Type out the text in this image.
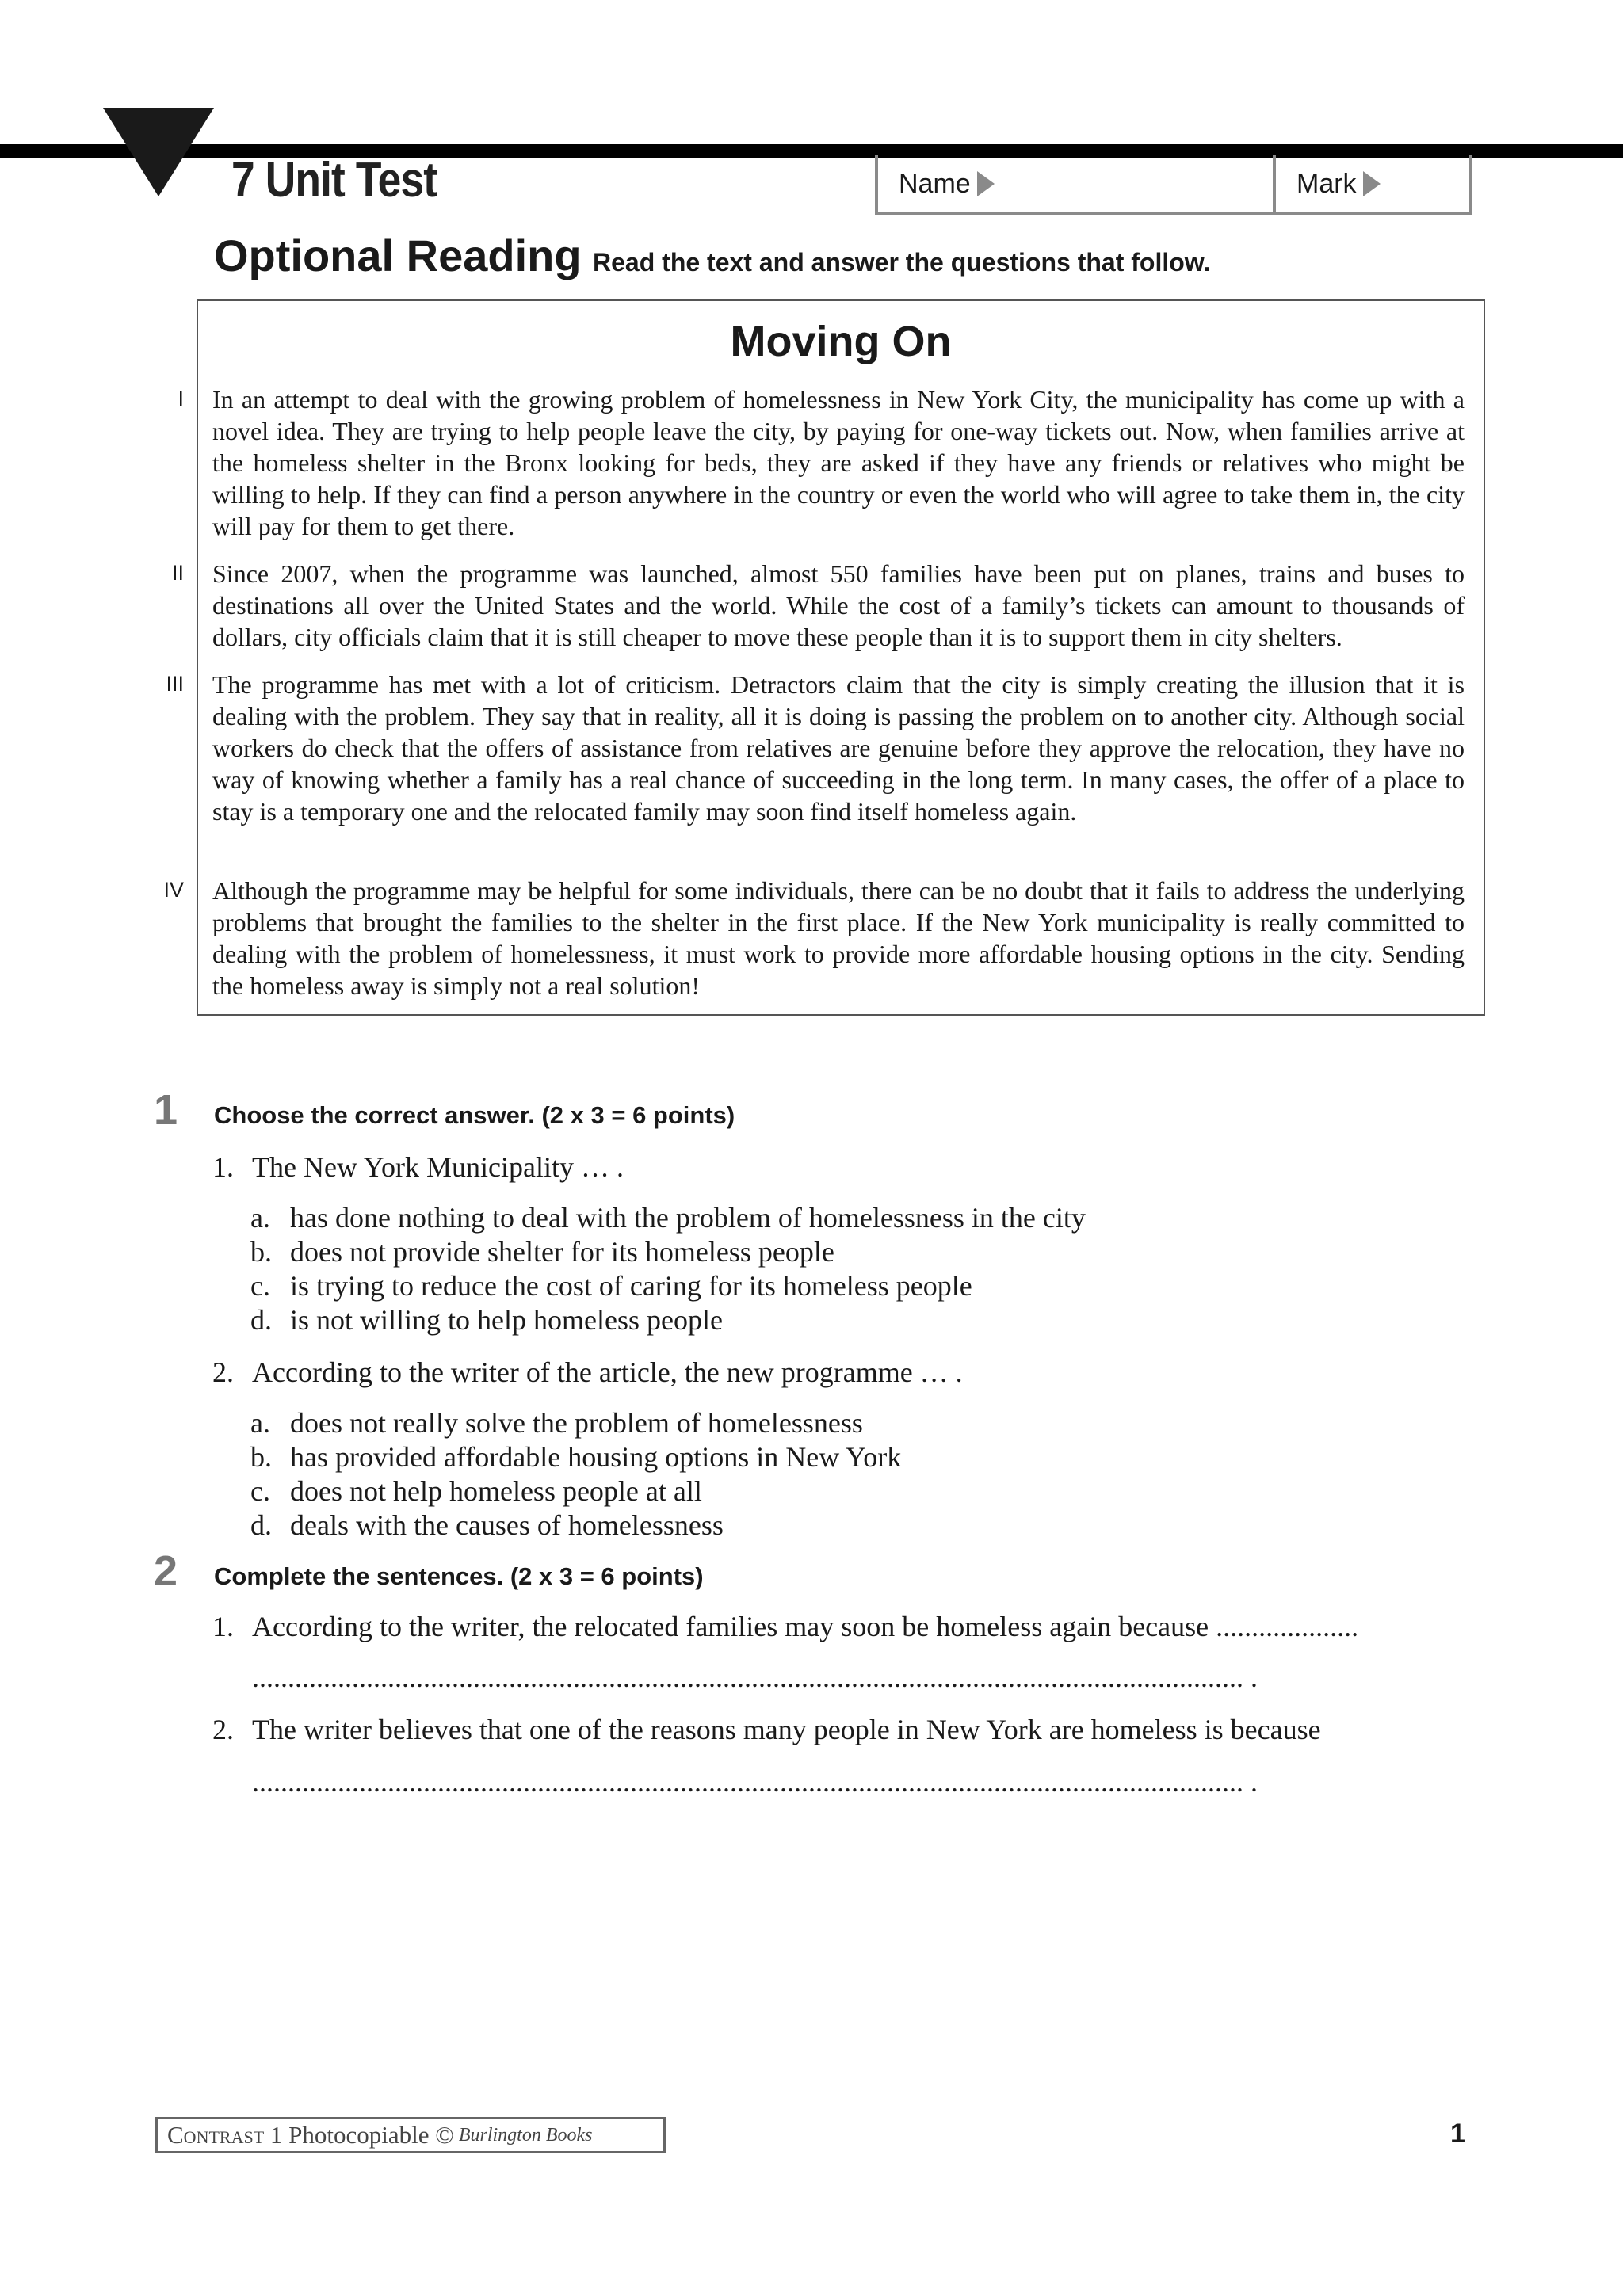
7 Unit Test	Name	Mark
Optional Reading Read the text and answer the questions that follow.
Moving On
I In an attempt to deal with the growing problem of homelessness in New York City, the municipality has come up with a novel idea. They are trying to help people leave the city, by paying for one-way tickets out. Now, when families arrive at the homeless shelter in the Bronx looking for beds, they are asked if they have any friends or relatives who might be willing to help. If they can find a person anywhere in the country or even the world who will agree to take them in, the city will pay for them to get there.
II Since 2007, when the programme was launched, almost 550 families have been put on planes, trains and buses to destinations all over the United States and the world. While the cost of a family’s tickets can amount to thousands of dollars, city officials claim that it is still cheaper to move these people than it is to support them in city shelters.
III The programme has met with a lot of criticism. Detractors claim that the city is simply creating the illusion that it is dealing with the problem. They say that in reality, all it is doing is passing the problem on to another city. Although social workers do check that the offers of assistance from relatives are genuine before they approve the relocation, they have no way of knowing whether a family has a real chance of succeeding in the long term. In many cases, the offer of a place to stay is a temporary one and the relocated family may soon find itself homeless again.
IV Although the programme may be helpful for some individuals, there can be no doubt that it fails to address the underlying problems that brought the families to the shelter in the first place. If the New York municipality is really committed to dealing with the problem of homelessness, it must work to provide more affordable housing options in the city. Sending the homeless away is simply not a real solution!
1 Choose the correct answer. (2 x 3 = 6 points)
1. The New York Municipality … .
a. has done nothing to deal with the problem of homelessness in the city
b. does not provide shelter for its homeless people
c. is trying to reduce the cost of caring for its homeless people
d. is not willing to help homeless people
2. According to the writer of the article, the new programme … .
a. does not really solve the problem of homelessness
b. has provided affordable housing options in New York
c. does not help homeless people at all
d. deals with the causes of homelessness
2 Complete the sentences. (2 x 3 = 6 points)
1. According to the writer, the relocated families may soon be homeless again because ....................
........................................................................................................................................... .
2. The writer believes that one of the reasons many people in New York are homeless is because
........................................................................................................................................... .
Contrast
1 Photocopiable
© Burlington Books	1
